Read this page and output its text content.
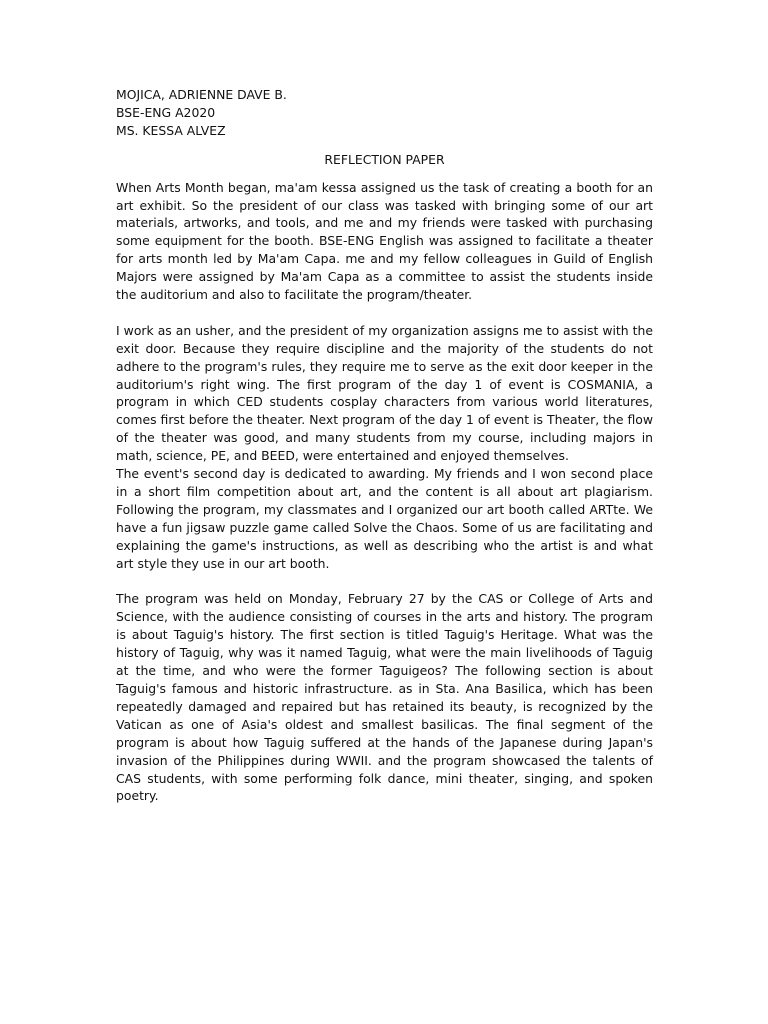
MOJICA, ADRIENNE DAVE B.

BSE-ENG A2020

MS. KESSA ALVEZ

REFLECTION PAPER

When Arts Month began, ma'am kessa assigned us the task of creating a booth for an art exhibit. So the president of our class was tasked with bringing some of our art materials, artworks, and tools, and me and my friends were tasked with purchasing some equipment for the booth. BSE-ENG English was assigned to facilitate a theater for arts month led by Ma'am Capa. me and my fellow colleagues in Guild of English Majors were assigned by Ma'am Capa as a committee to assist the students inside the auditorium and also to facilitate the program/theater.

I work as an usher, and the president of my organization assigns me to assist with the exit door. Because they require discipline and the majority of the students do not adhere to the program's rules, they require me to serve as the exit door keeper in the auditorium's right wing. The first program of the day 1 of event is COSMANIA, a program in which CED students cosplay characters from various world literatures, comes first before the theater. Next program of the day 1 of event is Theater, the flow of the theater was good, and many students from my course, including majors in math, science, PE, and BEED, were entertained and enjoyed themselves.

The event's second day is dedicated to awarding. My friends and I won second place in a short film competition about art, and the content is all about art plagiarism. Following the program, my classmates and I organized our art booth called ARTte. We have a fun jigsaw puzzle game called Solve the Chaos. Some of us are facilitating and explaining the game's instructions, as well as describing who the artist is and what art style they use in our art booth.

The program was held on Monday, February 27 by the CAS or College of Arts and Science, with the audience consisting of courses in the arts and history. The program is about Taguig's history. The first section is titled Taguig's Heritage. What was the history of Taguig, why was it named Taguig, what were the main livelihoods of Taguig at the time, and who were the former Taguigeos? The following section is about Taguig's famous and historic infrastructure. as in Sta. Ana Basilica, which has been repeatedly damaged and repaired but has retained its beauty, is recognized by the Vatican as one of Asia's oldest and smallest basilicas. The final segment of the program is about how Taguig suffered at the hands of the Japanese during Japan's invasion of the Philippines during WWII. and the program showcased the talents of CAS students, with some performing folk dance, mini theater, singing, and spoken poetry.
